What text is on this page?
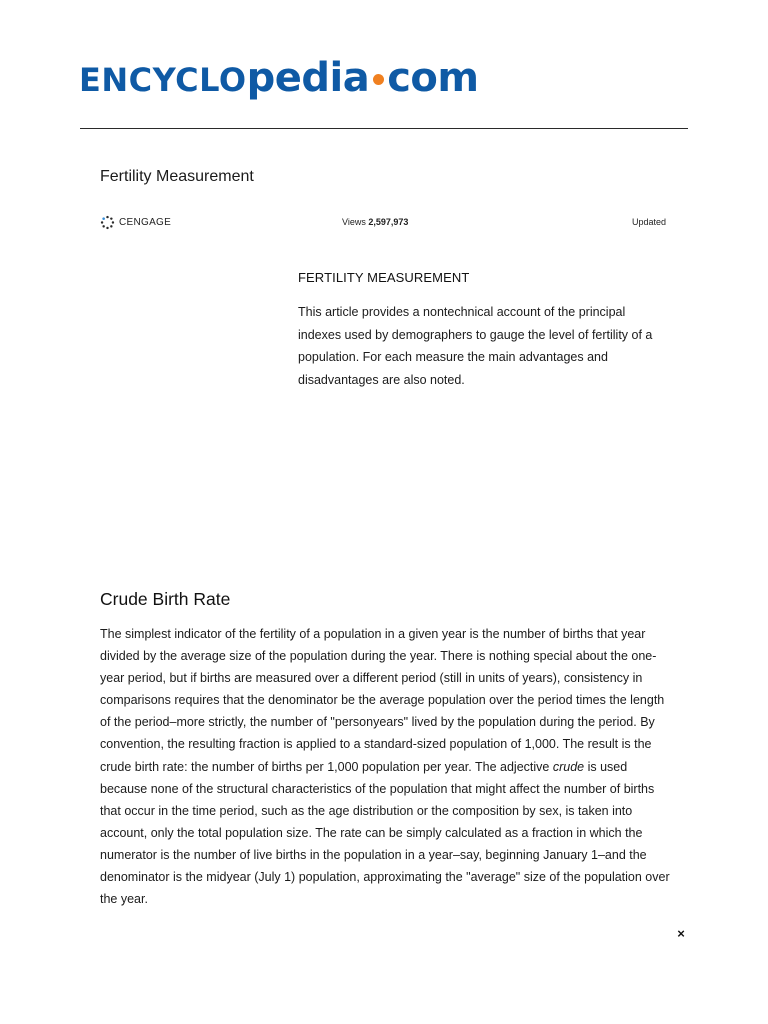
ENCYCLO pedia com
Fertility Measurement
CENGAGE	Views 2,597,973	Updated
FERTILITY MEASUREMENT

This article provides a nontechnical account of the principal indexes used by demographers to gauge the level of fertility of a population. For each measure the main advantages and disadvantages are also noted.

Crude Birth Rate

The simplest indicator of the fertility of a population in a given year is the number of births that year divided by the average size of the population during the year. There is nothing special about the one-year period, but if births are measured over a different period (still in units of years), consistency in comparisons requires that the denominator be the average population over the period times the length of the period–more strictly, the number of "personyears" lived by the population during the period. By convention, the resulting fraction is applied to a standard-sized population of 1,000. The result is the crude birth rate: the number of births per 1,000 population per year. The adjective crude is used because none of the structural characteristics of the population that might affect the number of births that occur in the time period, such as the age distribution or the composition by sex, is taken into account, only the total population size. The rate can be simply calculated as a fraction in which the numerator is the number of live births in the population in a year–say, beginning January 1–and the denominator is the midyear (July 1) population, approximating the "average" size of the population over the year.

×
